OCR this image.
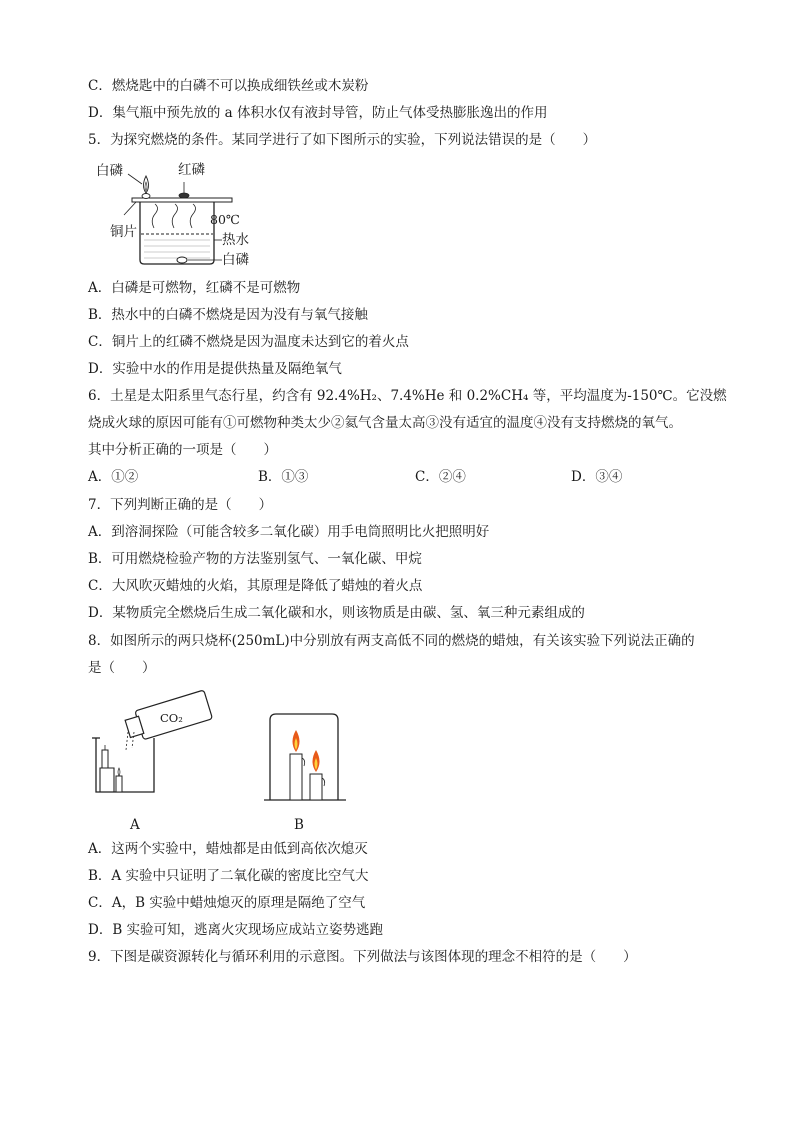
C．燃烧匙中的白磷不可以换成细铁丝或木炭粉
D．集气瓶中预先放的 a 体积水仅有液封导管，防止气体受热膨胀逸出的作用
5．为探究燃烧的条件。某同学进行了如下图所示的实验，下列说法错误的是（　　）
红磷
白磷
铜片
80℃
热水
白磷
A．白磷是可燃物，红磷不是可燃物
B．热水中的白磷不燃烧是因为没有与氧气接触
C．铜片上的红磷不燃烧是因为温度未达到它的着火点
D．实验中水的作用是提供热量及隔绝氧气
6．土星是太阳系里气态行星，约含有 92.4%H₂、7.4%He 和 0.2%CH₄ 等，平均温度为-150℃。它没燃
烧成火球的原因可能有①可燃物种类太少②氦气含量太高③没有适宜的温度④没有支持燃烧的氧气。
其中分析正确的一项是（　　）
A．①②	B．①③	C．②④	D．③④
7．下列判断正确的是（　　）
A．到溶洞探险（可能含较多二氧化碳）用手电筒照明比火把照明好
B．可用燃烧检验产物的方法鉴别氢气、一氧化碳、甲烷
C．大风吹灭蜡烛的火焰，其原理是降低了蜡烛的着火点
D．某物质完全燃烧后生成二氧化碳和水，则该物质是由碳、氢、氧三种元素组成的
8．如图所示的两只烧杯(250mL)中分别放有两支高低不同的燃烧的蜡烛，有关该实验下列说法正确的
是（　　）
CO₂
A	B
A．这两个实验中，蜡烛都是由低到高依次熄灭
B．A 实验中只证明了二氧化碳的密度比空气大
C．A，B 实验中蜡烛熄灭的原理是隔绝了空气
D．B 实验可知，逃离火灾现场应成站立姿势逃跑
9．下图是碳资源转化与循环利用的示意图。下列做法与该图体现的理念不相符的是（　　）
